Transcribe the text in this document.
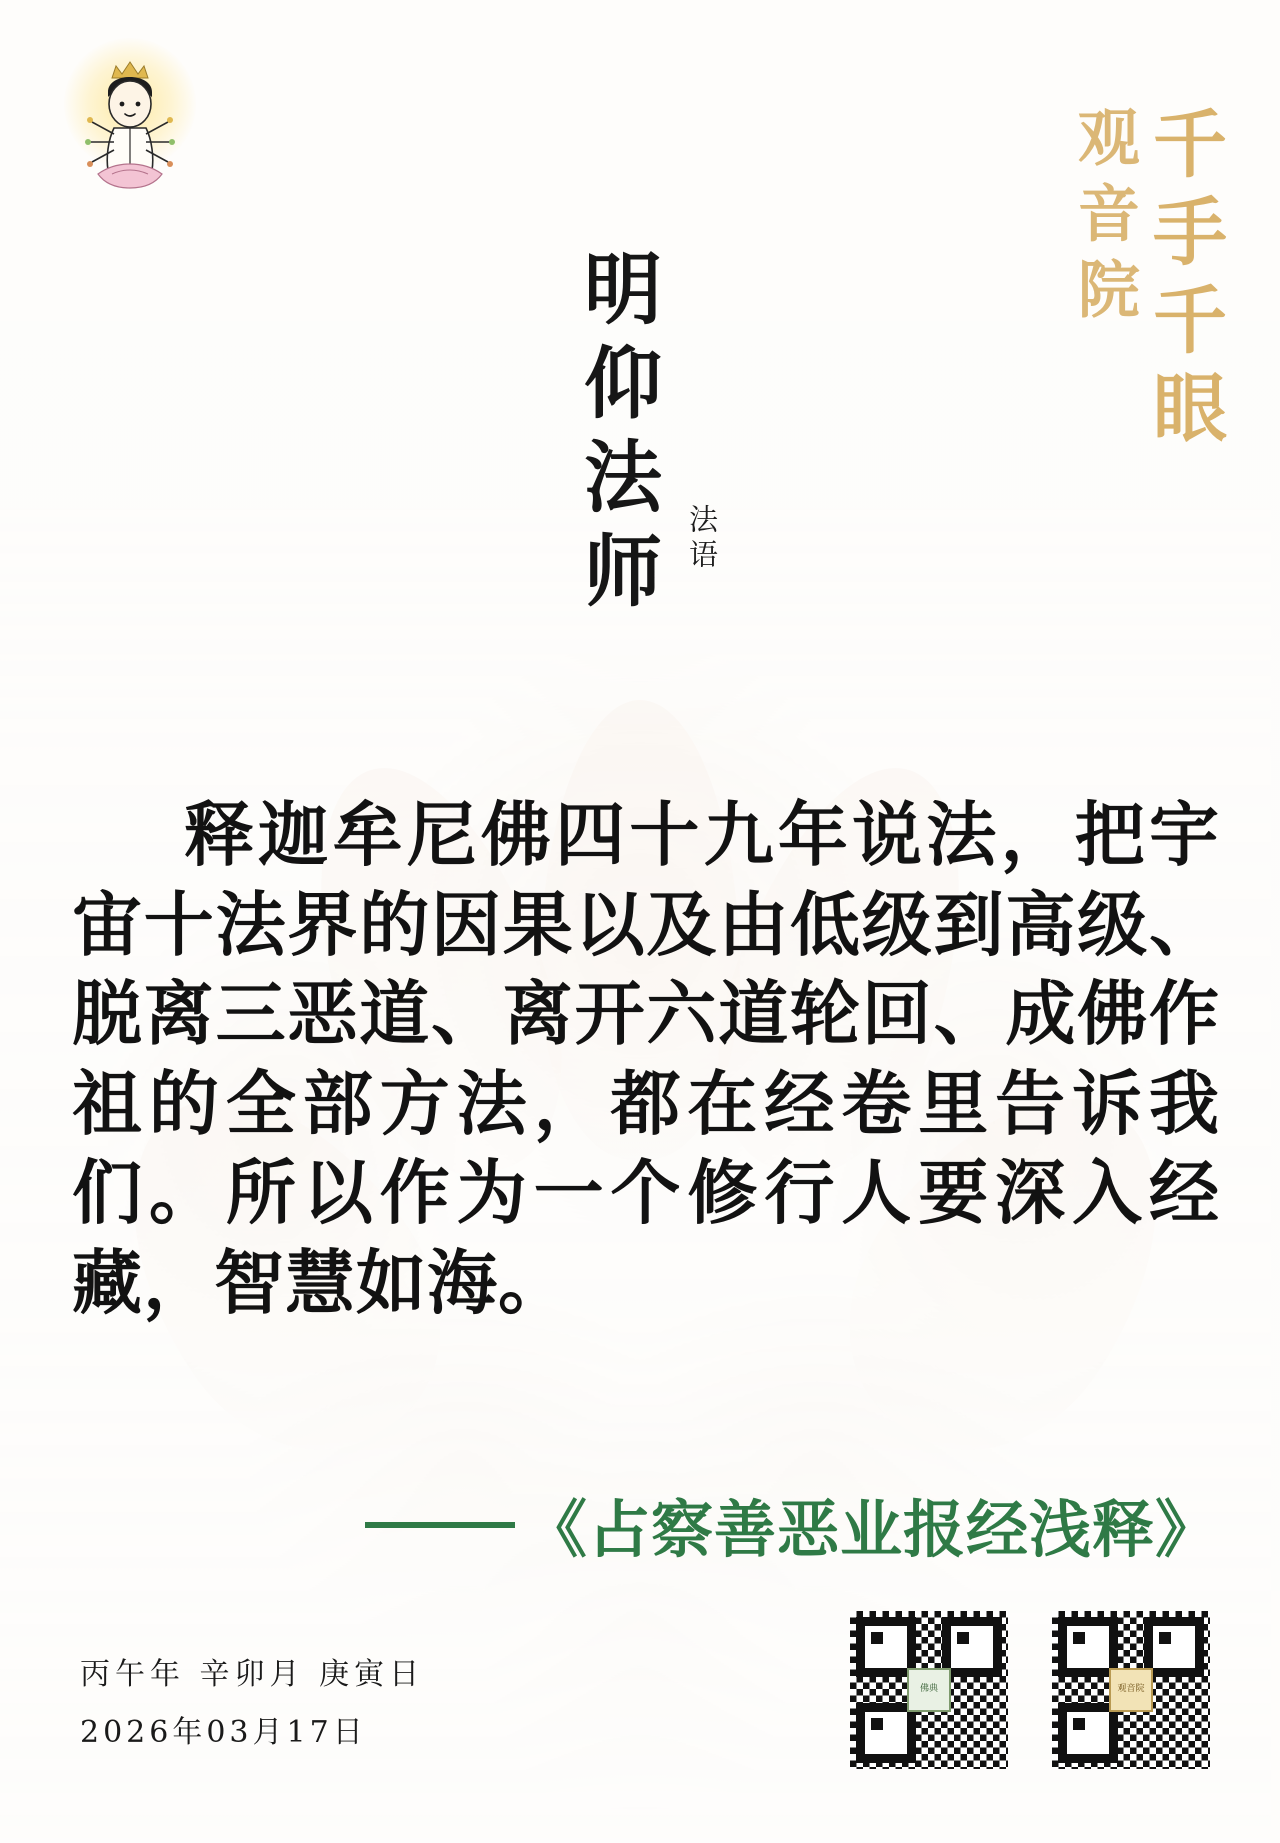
千手千眼
观音院
明仰法师 法语
释迦牟尼佛四十九年说法，把宇宙十法界的因果以及由低级到高级、脱离三恶道、离开六道轮回、成佛作祖的全部方法，都在经卷里告诉我们。所以作为一个修行人要深入经藏，智慧如海。
《占察善恶业报经浅释》
丙午年 辛卯月 庚寅日
2026年03月17日
佛典	观音院
